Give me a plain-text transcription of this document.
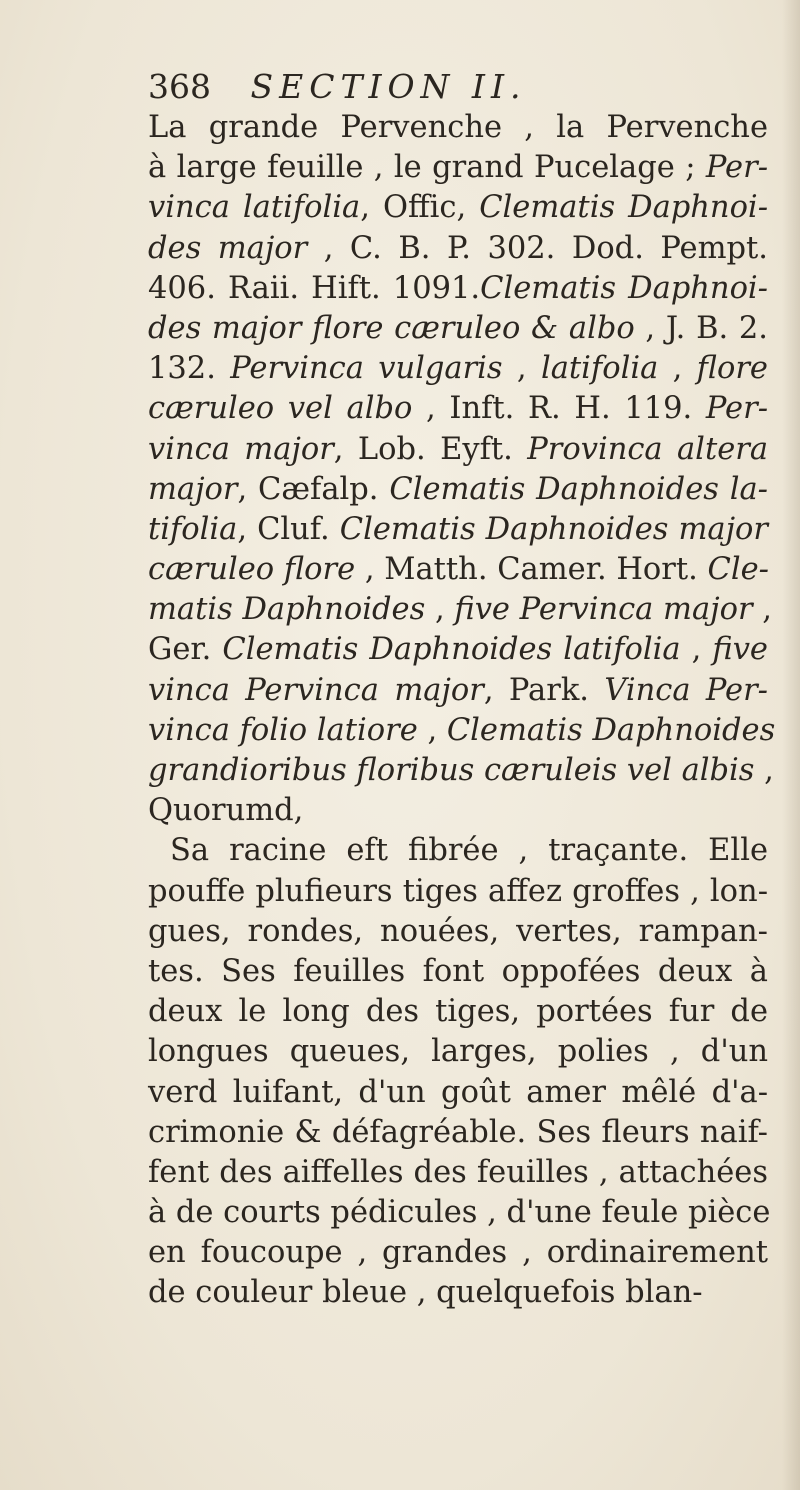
368 SECTION II.
La grande Pervenche , la Pervenche
à large feuille , le grand Pucelage ; Per-
vinca latifolia, Offic, Clematis Daphnoi-
des major , C. B. P. 302. Dod. Pempt.
406. Raii. Hift. 1091.Clematis Daphnoi-
des major flore cæruleo & albo , J. B. 2.
132. Pervinca vulgaris , latifolia , flore
cæruleo vel albo , Inft. R. H. 119. Per-
vinca major, Lob. Eyft. Provinca altera
major, Cæfalp. Clematis Daphnoides la-
tifolia, Cluf. Clematis Daphnoides major
cæruleo flore , Matth. Camer. Hort. Cle-
matis Daphnoides , five Pervinca major ,
Ger. Clematis Daphnoides latifolia , five
vinca Pervinca major, Park. Vinca Per-
vinca folio latiore , Clematis Daphnoides
grandioribus floribus cæruleis vel albis ,
Quorumd,
Sa racine eft fibrée , traçante. Elle
pouffe plufieurs tiges affez groffes , lon-
gues, rondes, nouées, vertes, rampan-
tes. Ses feuilles font oppofées deux à
deux le long des tiges, portées fur de
longues queues, larges, polies , d'un
verd luifant, d'un goût amer mêlé d'a-
crimonie & défagréable. Ses fleurs naif-
fent des aiffelles des feuilles , attachées
à de courts pédicules , d'une feule pièce
en foucoupe , grandes , ordinairement
de couleur bleue , quelquefois blan-
